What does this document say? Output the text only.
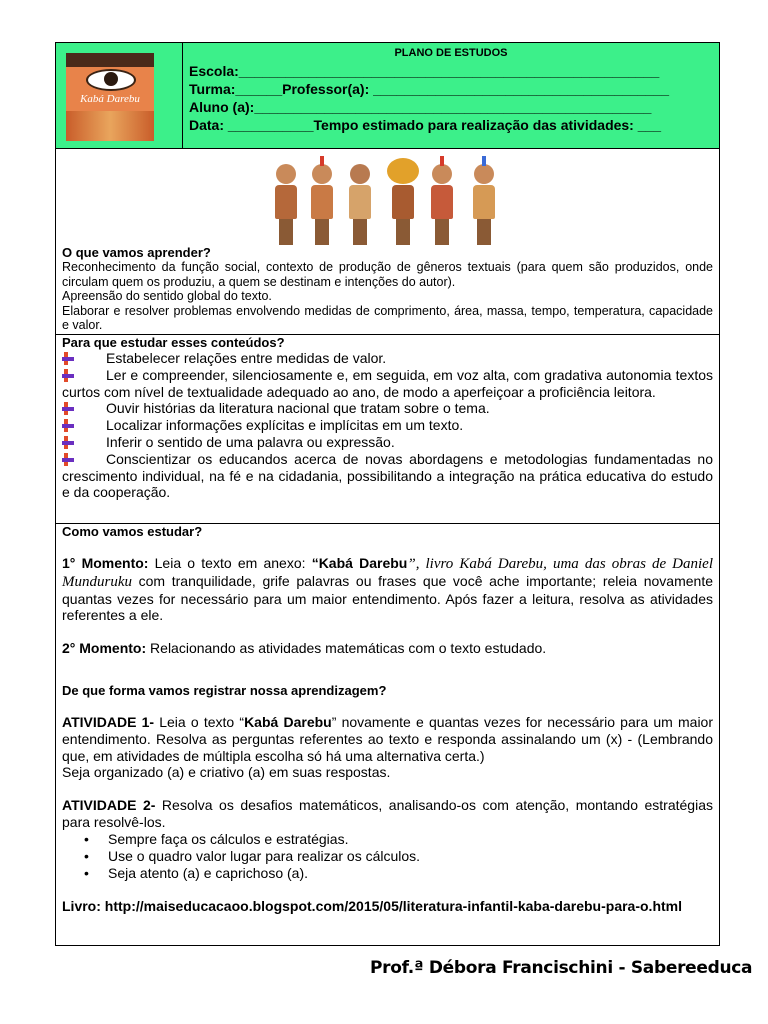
Kabá Darebu
PLANO DE ESTUDOS
Escola:______________________________________________________
Turma:______Professor(a): ______________________________________
Aluno (a):___________________________________________________
Data: ___________Tempo estimado para realização das atividades: ___
O que vamos aprender?
Reconhecimento da função social, contexto de produção de gêneros textuais (para quem são produzidos, onde circulam quem os produziu, a quem se destinam e intenções do autor).
Apreensão do sentido global do texto.
Elaborar e resolver problemas envolvendo medidas de comprimento, área, massa, tempo, temperatura, capacidade e valor.
Para que estudar esses conteúdos?
Estabelecer relações entre medidas de valor.
Ler e compreender, silenciosamente e, em seguida, em voz alta, com gradativa autonomia textos curtos com nível de textualidade adequado ao ano, de modo a aperfeiçoar a proficiência leitora.
Ouvir histórias da literatura nacional que tratam sobre o tema.
Localizar informações explícitas e implícitas em um texto.
Inferir o sentido de uma palavra ou expressão.
Conscientizar os educandos acerca de novas abordagens e metodologias fundamentadas no crescimento individual, na fé e na cidadania, possibilitando a integração na prática educativa do estudo e da cooperação.
Como vamos estudar?
1° Momento: Leia o texto em anexo: “Kabá Darebu”, livro Kabá Darebu, uma das obras de Daniel Munduruku com tranquilidade, grife palavras ou frases que você ache importante; releia novamente quantas vezes for necessário para um maior entendimento. Após fazer a leitura, resolva as atividades referentes a ele.
2° Momento: Relacionando as atividades matemáticas com o texto estudado.
__________________________________________________________________
De que forma vamos registrar nossa aprendizagem?
ATIVIDADE 1- Leia o texto “Kabá Darebu” novamente e quantas vezes for necessário para um maior entendimento. Resolva as perguntas referentes ao texto e responda assinalando um (x) - (Lembrando que, em atividades de múltipla escolha só há uma alternativa certa.)
Seja organizado (a) e criativo (a) em suas respostas.
ATIVIDADE 2- Resolva os desafios matemáticos, analisando-os com atenção, montando estratégias para resolvê-los.
• Sempre faça os cálculos e estratégias.
• Use o quadro valor lugar para realizar os cálculos.
• Seja atento (a) e caprichoso (a).
Livro: http://maiseducacaoo.blogspot.com/2015/05/literatura-infantil-kaba-darebu-para-o.html
Prof.ª Débora Francischini - Sabereeduca
